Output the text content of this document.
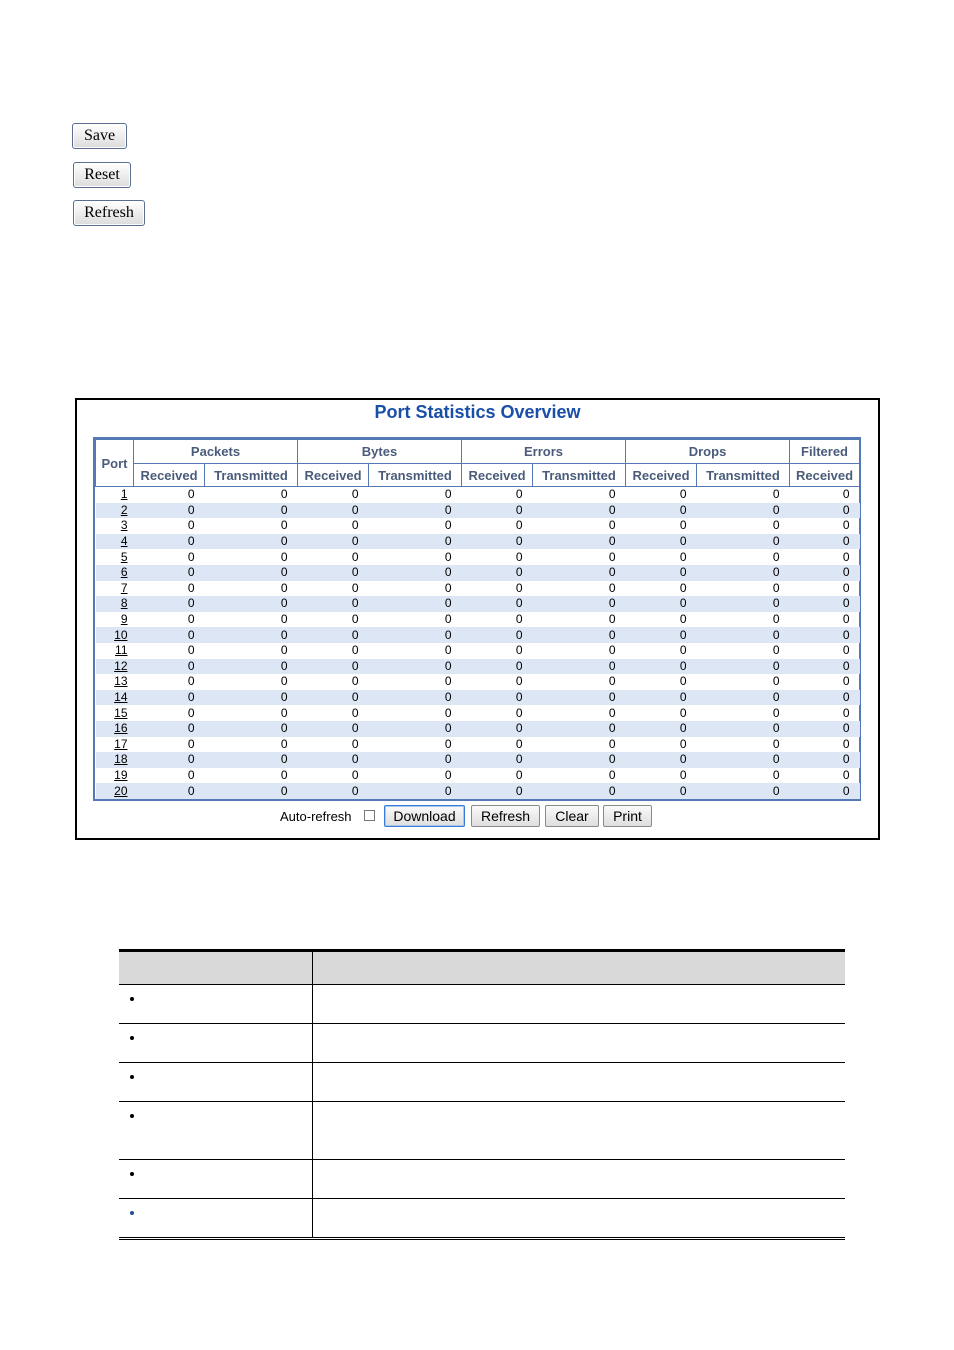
Save
Reset
Refresh
Port Statistics Overview
Port	Packets		Bytes		Errors		Drops		Filtered
	Received	Transmitted	Received	Transmitted	Received	Transmitted	Received	Transmitted	Received
1	0	0	0	0	0	0	0	0	0
2	0	0	0	0	0	0	0	0	0
3	0	0	0	0	0	0	0	0	0
4	0	0	0	0	0	0	0	0	0
5	0	0	0	0	0	0	0	0	0
6	0	0	0	0	0	0	0	0	0
7	0	0	0	0	0	0	0	0	0
8	0	0	0	0	0	0	0	0	0
9	0	0	0	0	0	0	0	0	0
10	0	0	0	0	0	0	0	0	0
11	0	0	0	0	0	0	0	0	0
12	0	0	0	0	0	0	0	0	0
13	0	0	0	0	0	0	0	0	0
14	0	0	0	0	0	0	0	0	0
15	0	0	0	0	0	0	0	0	0
16	0	0	0	0	0	0	0	0	0
17	0	0	0	0	0	0	0	0	0
18	0	0	0	0	0	0	0	0	0
19	0	0	0	0	0	0	0	0	0
20	0	0	0	0	0	0	0	0	0
Auto-refresh	Download	Refresh	Clear	Print
